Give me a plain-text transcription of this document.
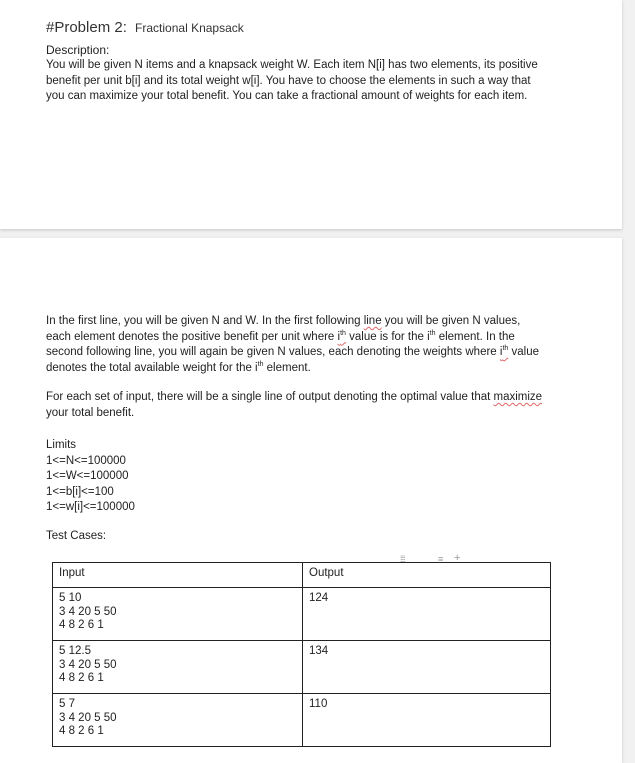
#Problem 2: Fractional Knapsack
Description:
You will be given N items and a knapsack weight W. Each item N[i] has two elements, its positive benefit per unit b[i] and its total weight w[i]. You have to choose the elements in such a way that you can maximize your total benefit. You can take a fractional amount of weights for each item.
In the first line, you will be given N and W. In the first following line you will be given N values, each element denotes the positive benefit per unit where $i^{th}$ value is for the $i^{th}$ element. In the second following line, you will again be given N values, each denoting the weights where $i^{th}$ value denotes the total available weight for the $i^{th}$ element.
For each set of input, there will be a single line of output denoting the optimal value that maximize your total benefit.
Limits
1<=N<=100000
1<=W<=100000
1<=b[i]<=100
1<=w[i]<=100000
Test Cases:
⁞⁞⁞	≡ +
Input	Output

5 10
3 4 20 5 50
4 8 2 6 1	124

5 12.5
3 4 20 5 50
4 8 2 6 1	134

5 7
3 4 20 5 50
4 8 2 6 1	110
